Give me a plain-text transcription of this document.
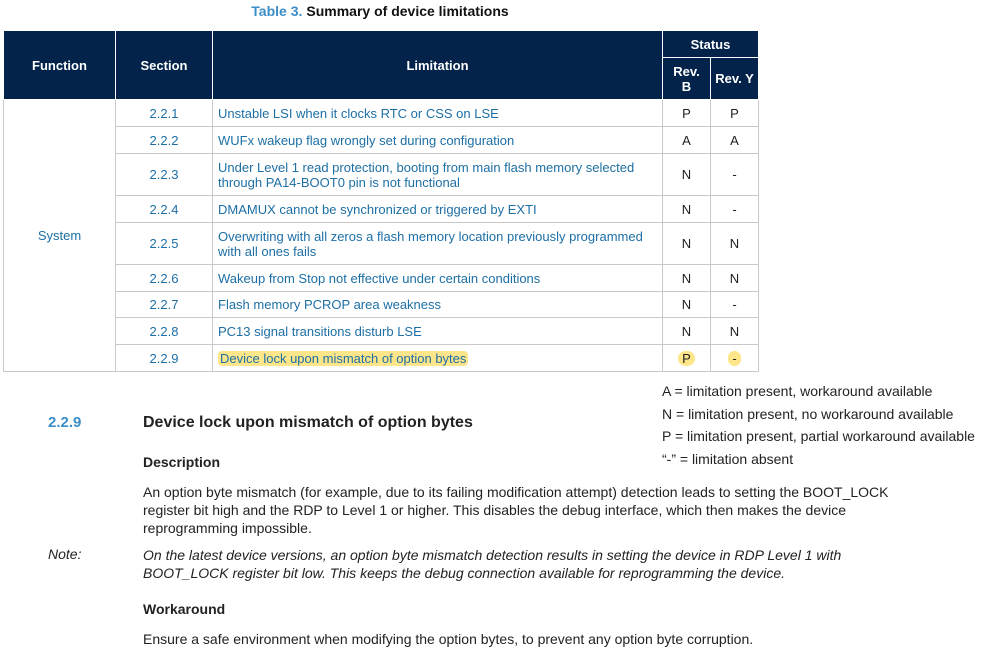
Table 3. Summary of device limitations
Function	Section	Limitation	Status	
			Rev. B	Rev. Y
System	2.2.1	Unstable LSI when it clocks RTC or CSS on LSE	P	P
	2.2.2	WUFx wakeup flag wrongly set during configuration	A	A
	2.2.3	Under Level 1 read protection, booting from main flash memory selected through PA14-BOOT0 pin is not functional	N	-
	2.2.4	DMAMUX cannot be synchronized or triggered by EXTI	N	-
	2.2.5	Overwriting with all zeros a flash memory location previously programmed with all ones fails	N	N
	2.2.6	Wakeup from Stop not effective under certain conditions	N	N
	2.2.7	Flash memory PCROP area weakness	N	-
	2.2.8	PC13 signal transitions disturb LSE	N	N
	2.2.9	Device lock upon mismatch of option bytes	P	-
A = limitation present, workaround available
N = limitation present, no workaround available
P = limitation present, partial workaround available
“-” = limitation absent
2.2.9	Device lock upon mismatch of option bytes
Description
An option byte mismatch (for example, due to its failing modification attempt) detection leads to setting the BOOT_LOCK register bit high and the RDP to Level 1 or higher. This disables the debug interface, which then makes the device reprogramming impossible.
Note:	On the latest device versions, an option byte mismatch detection results in setting the device in RDP Level 1 with BOOT_LOCK register bit low. This keeps the debug connection available for reprogramming the device.
Workaround
Ensure a safe environment when modifying the option bytes, to prevent any option byte corruption.
